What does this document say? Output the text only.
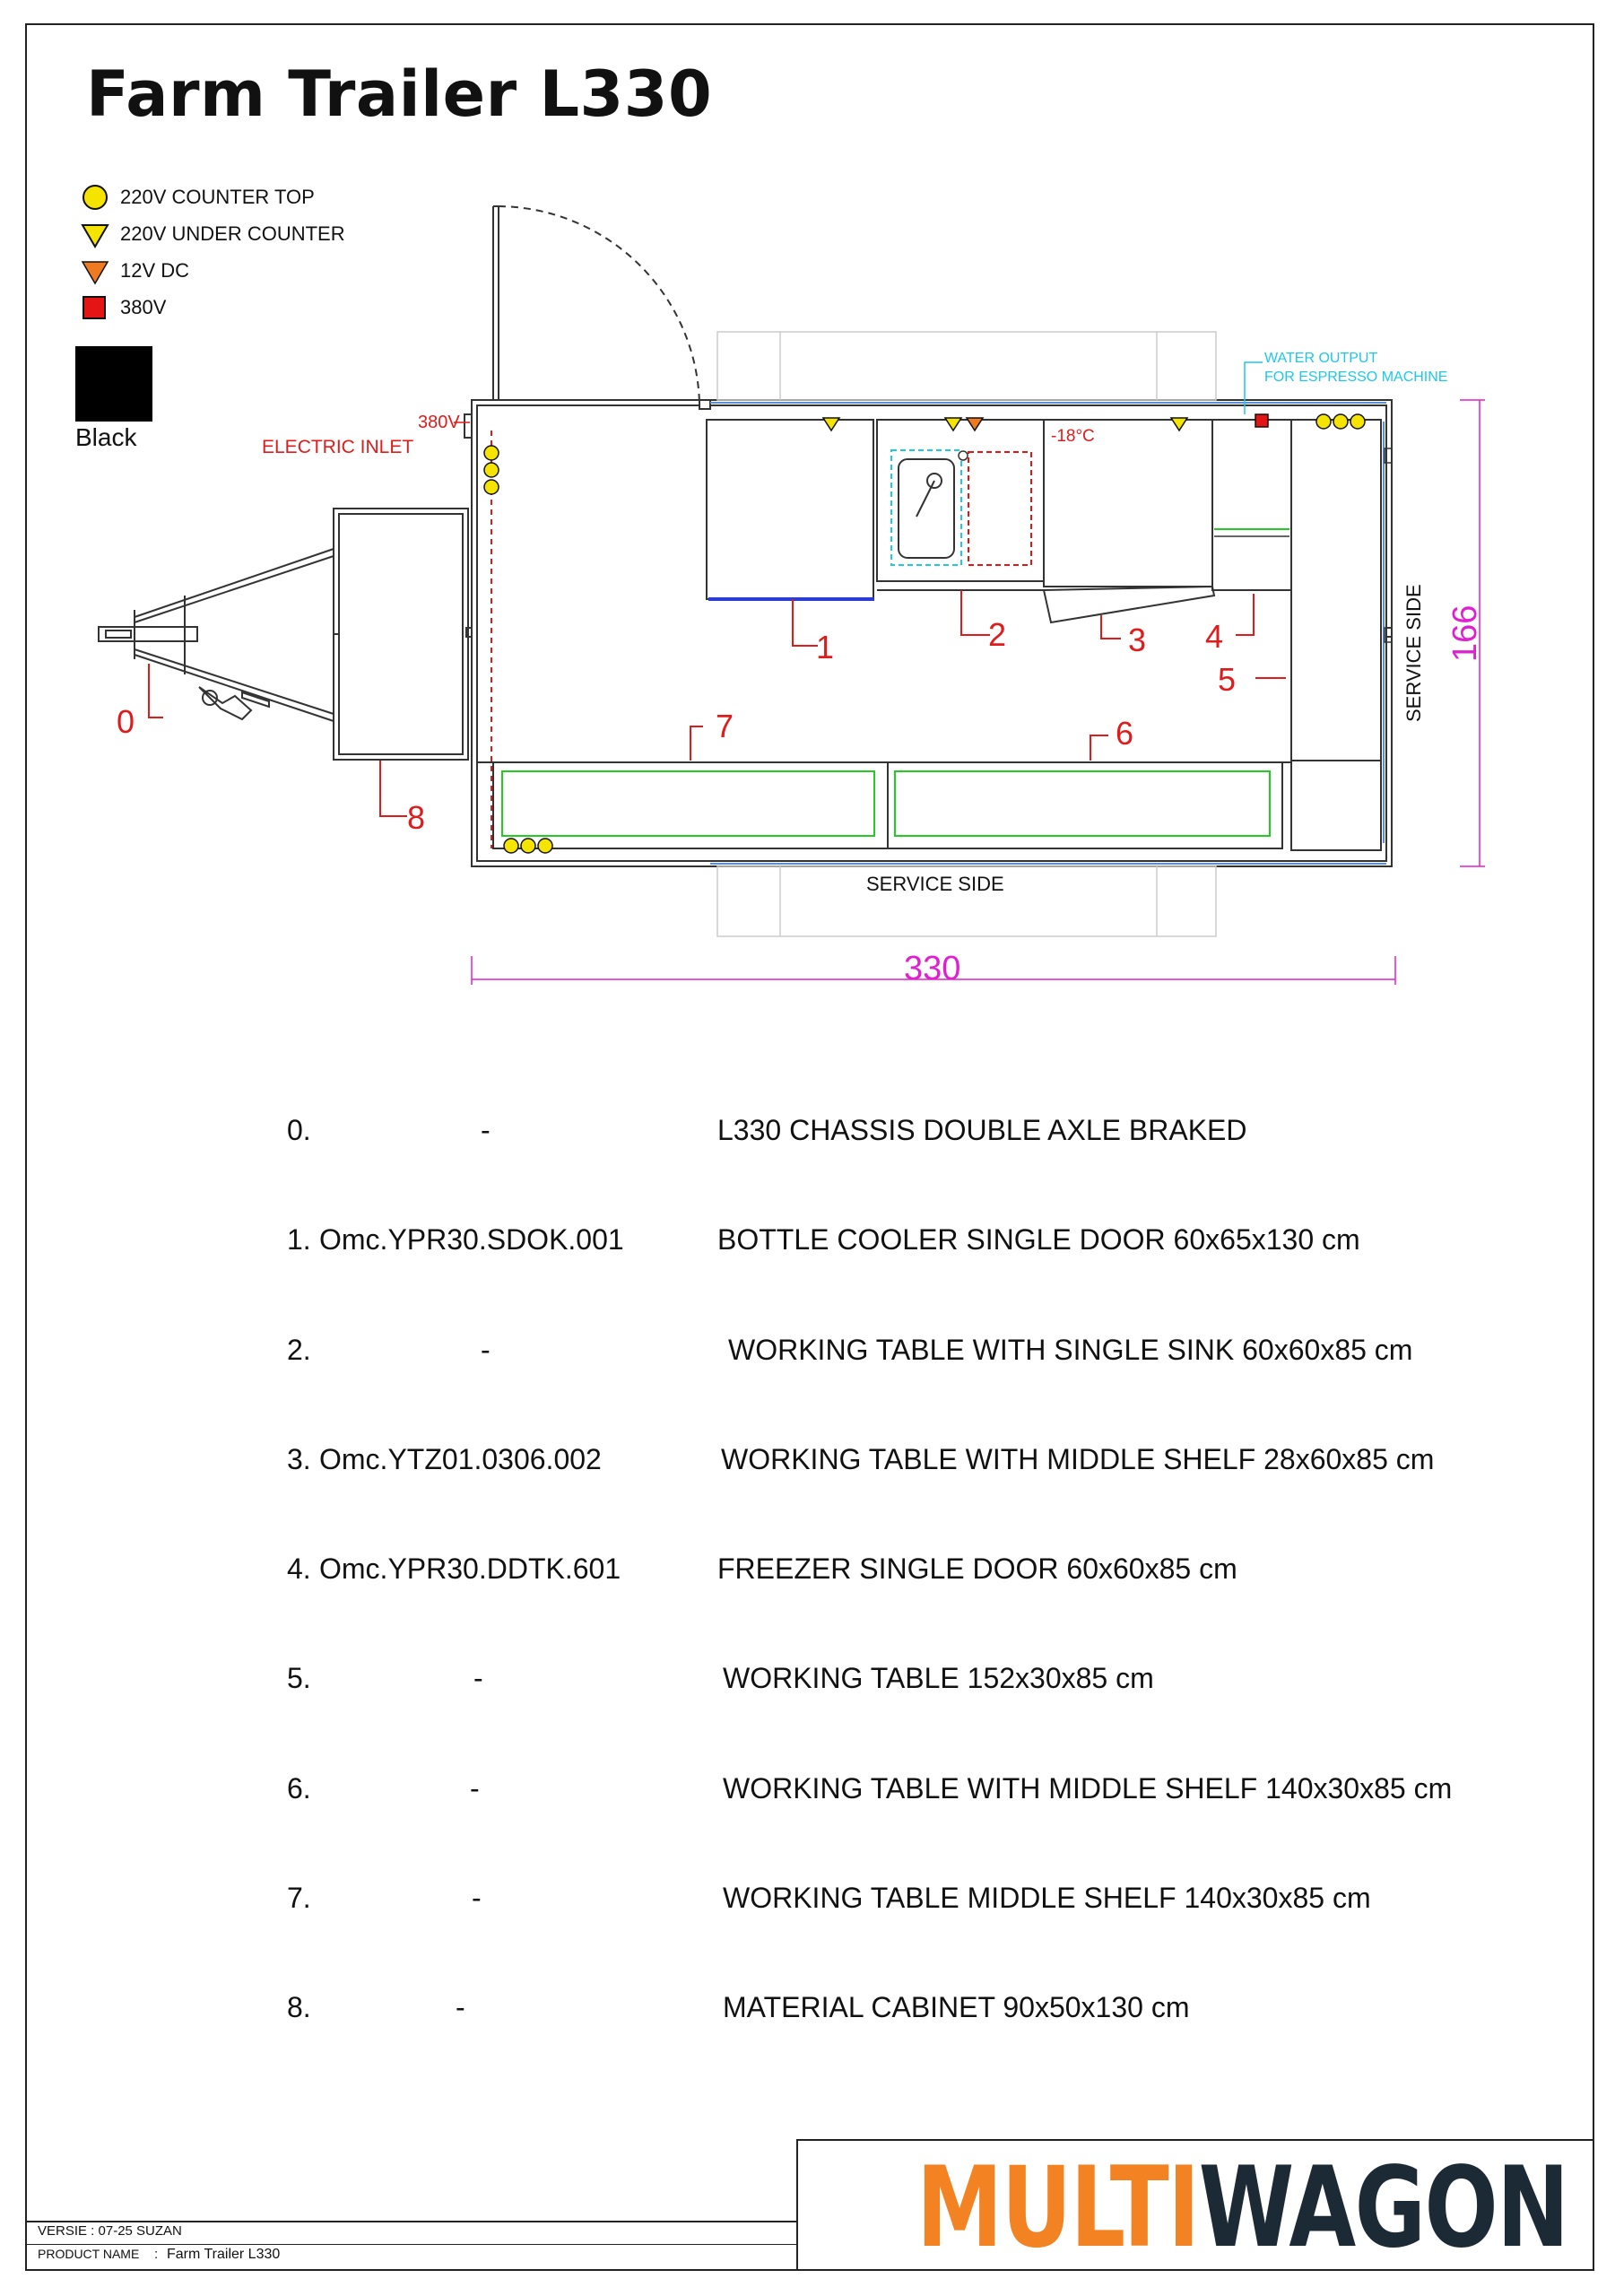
Farm Trailer L330
220V COUNTER TOP
220V UNDER COUNTER
12V DC
380V
Black
380V
ELECTRIC INLET
-18°C
WATER OUTPUT
FOR ESPRESSO MACHINE
SERVICE SIDE
SERVICE SIDE
166
330
0
1	2	3 4
5
6
7
8
0.	-	L330 CHASSIS DOUBLE AXLE BRAKED
1. Omc.YPR30.SDOK.001	BOTTLE COOLER SINGLE DOOR 60x65x130 cm
2.	-	WORKING TABLE WITH SINGLE SINK 60x60x85 cm
3. Omc.YTZ01.0306.002	WORKING TABLE WITH MIDDLE SHELF 28x60x85 cm
4. Omc.YPR30.DDTK.601	FREEZER SINGLE DOOR 60x60x85 cm
5.	-	WORKING TABLE 152x30x85 cm
6.	-	WORKING TABLE WITH MIDDLE SHELF 140x30x85 cm
7.	-	WORKING TABLE MIDDLE SHELF 140x30x85 cm
8.	-	MATERIAL CABINET 90x50x130 cm
VERSIE : 07-25 SUZAN
PRODUCT NAME : Farm Trailer L330	MULTIWAGON
